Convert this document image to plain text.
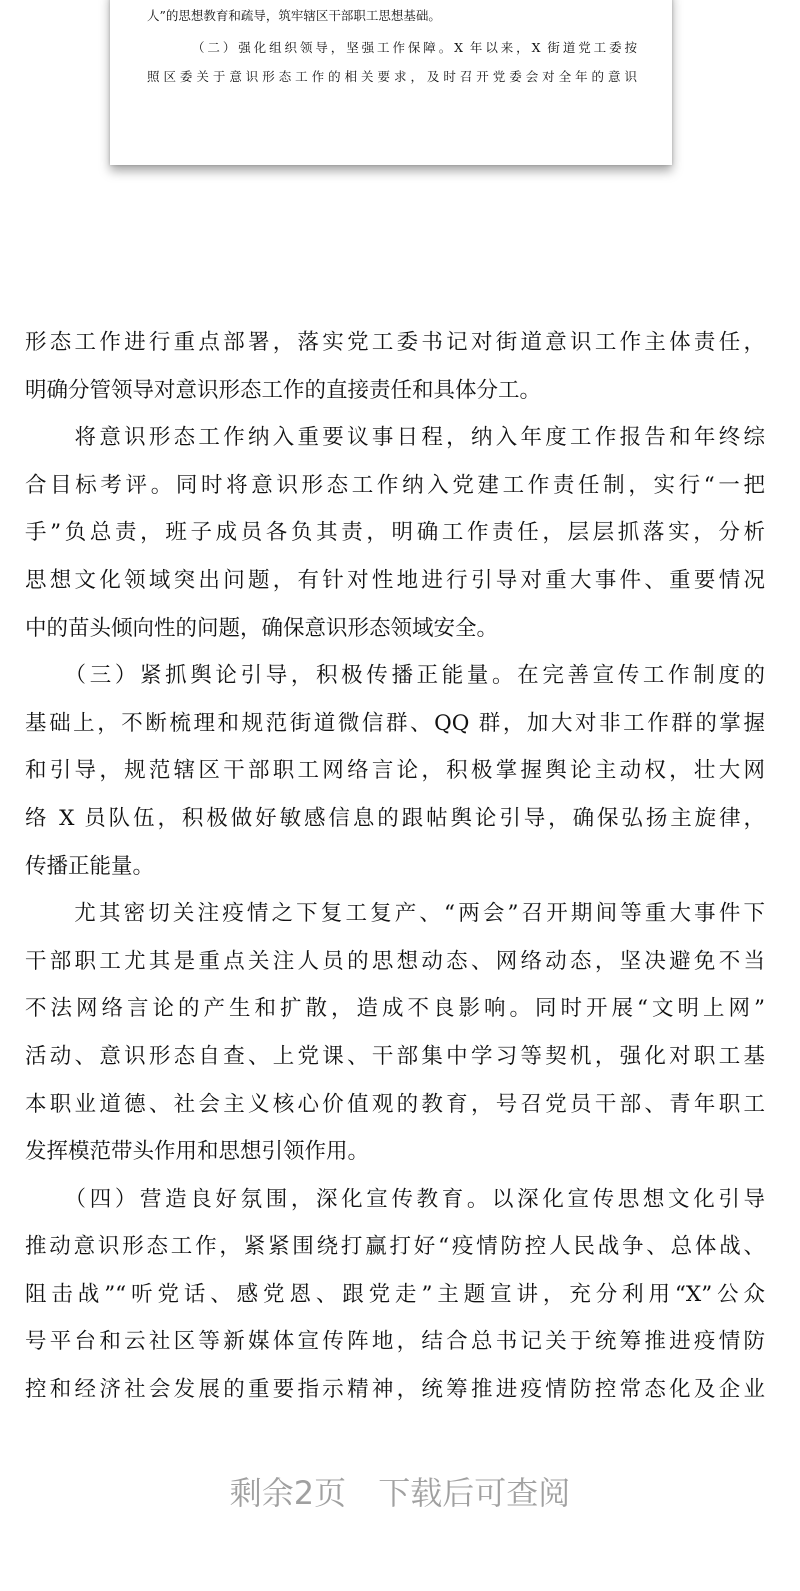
人”的思想教育和疏导，筑牢辖区干部职工思想基础。
（二）强化组织领导，坚强工作保障。X 年以来，X 街道党工委按
照区委关于意识形态工作的相关要求，及时召开党委会对全年的意识
形态工作进行重点部署，落实党工委书记对街道意识工作主体责任，
明确分管领导对意识形态工作的直接责任和具体分工。
　　将意识形态工作纳入重要议事日程，纳入年度工作报告和年终综
合目标考评。同时将意识形态工作纳入党建工作责任制，实行“一把
手”负总责，班子成员各负其责，明确工作责任，层层抓落实，分析
思想文化领域突出问题，有针对性地进行引导对重大事件、重要情况
中的苗头倾向性的问题，确保意识形态领域安全。
　　（三）紧抓舆论引导，积极传播正能量。在完善宣传工作制度的
基础上，不断梳理和规范街道微信群、QQ 群，加大对非工作群的掌握
和引导，规范辖区干部职工网络言论，积极掌握舆论主动权，壮大网
络 X 员队伍，积极做好敏感信息的跟帖舆论引导，确保弘扬主旋律，
传播正能量。
　　尤其密切关注疫情之下复工复产、“两会”召开期间等重大事件下
干部职工尤其是重点关注人员的思想动态、网络动态，坚决避免不当
不法网络言论的产生和扩散，造成不良影响。同时开展“文明上网”
活动、意识形态自查、上党课、干部集中学习等契机，强化对职工基
本职业道德、社会主义核心价值观的教育，号召党员干部、青年职工
发挥模范带头作用和思想引领作用。
　　（四）营造良好氛围，深化宣传教育。以深化宣传思想文化引导
推动意识形态工作，紧紧围绕打赢打好“疫情防控人民战争、总体战、
阻击战”“听党话、感党恩、跟党走”主题宣讲，充分利用“X”公众
号平台和云社区等新媒体宣传阵地，结合总书记关于统筹推进疫情防
控和经济社会发展的重要指示精神，统筹推进疫情防控常态化及企业
剩余2页　 下载后可查阅
